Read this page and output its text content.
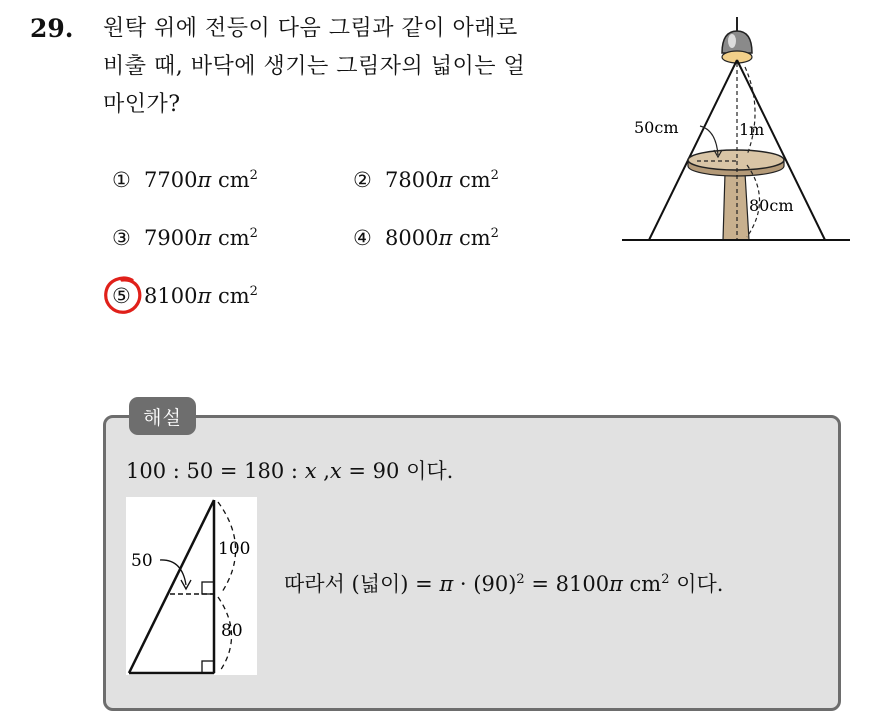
29. 원탁 위에 전등이 다음 그림과 같이 아래로
비출 때, 바닥에 생기는 그림자의 넓이는 얼
마인가?
50cm	1m
80cm
① 7700π $cm^2$	② 7800π $cm^2$
③ 7900π $cm^2$	④ 8000π $cm^2$
⑤ 8100π $cm^2$
해설
100 : 50 = 180 : x ,x = 90 이다.
50
100
80
따라서 (넓이) = $\pi \cdot (90)^2 = 8100\pi$ $cm^2$ 이다.
